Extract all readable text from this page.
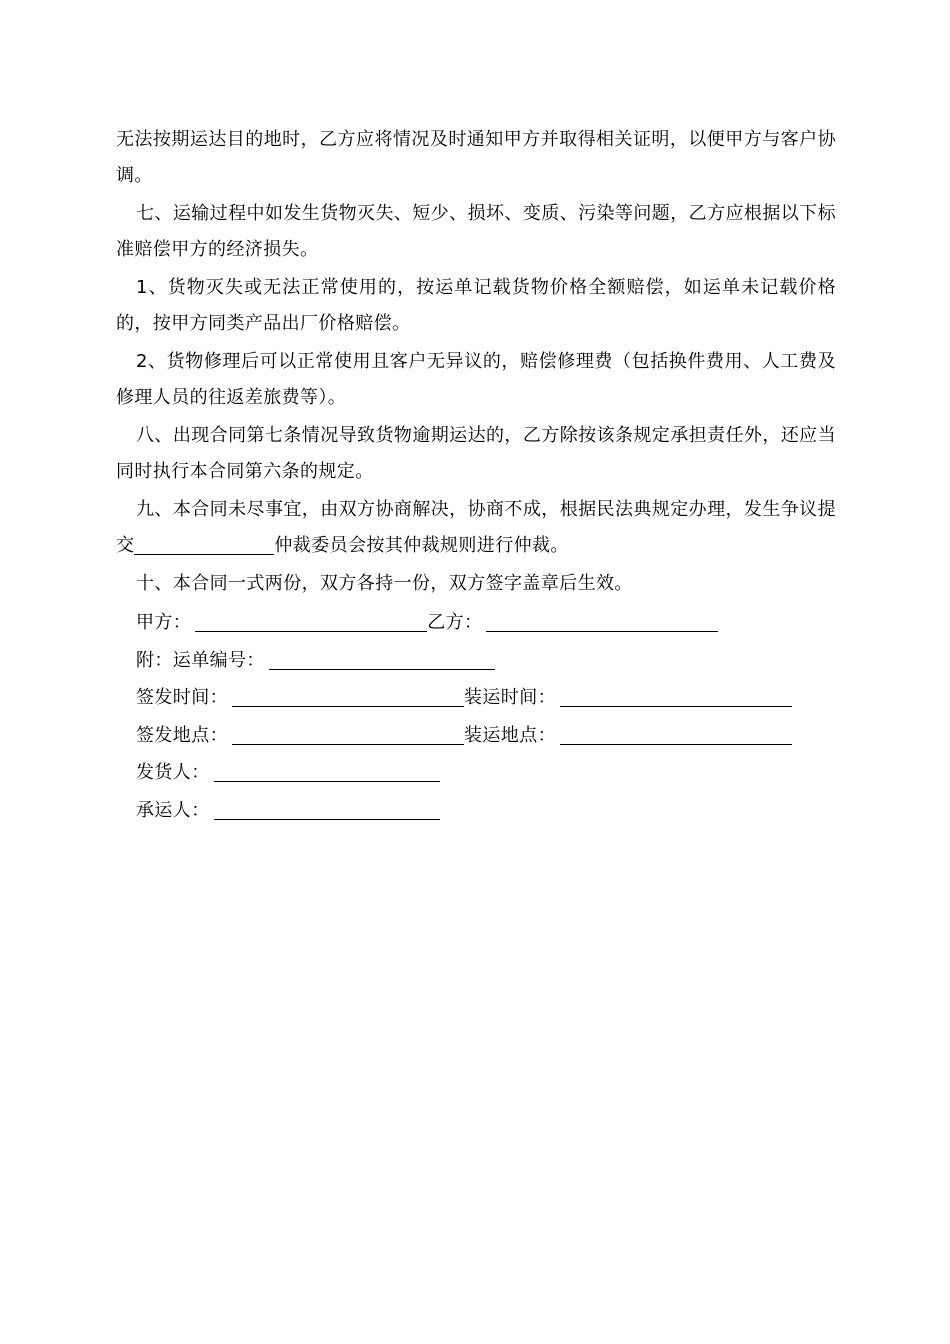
无法按期运达目的地时，乙方应将情况及时通知甲方并取得相关证明，以便甲方与客户协调。

七、运输过程中如发生货物灭失、短少、损坏、变质、污染等问题，乙方应根据以下标准赔偿甲方的经济损失。

1、货物灭失或无法正常使用的，按运单记载货物价格全额赔偿，如运单未记载价格的，按甲方同类产品出厂价格赔偿。

2、货物修理后可以正常使用且客户无异议的，赔偿修理费（包括换件费用、人工费及修理人员的往返差旅费等）。

八、出现合同第七条情况导致货物逾期运达的，乙方除按该条规定承担责任外，还应当同时执行本合同第六条的规定。

九、本合同未尽事宜，由双方协商解决，协商不成，根据民法典规定办理，发生争议提交	仲裁委员会按其仲裁规则进行仲裁。

十、本合同一式两份，双方各持一份，双方签字盖章后生效。

甲方：	乙方：
附：运单编号：
签发时间：	装运时间：
签发地点：	装运地点：
发货人：
承运人：
